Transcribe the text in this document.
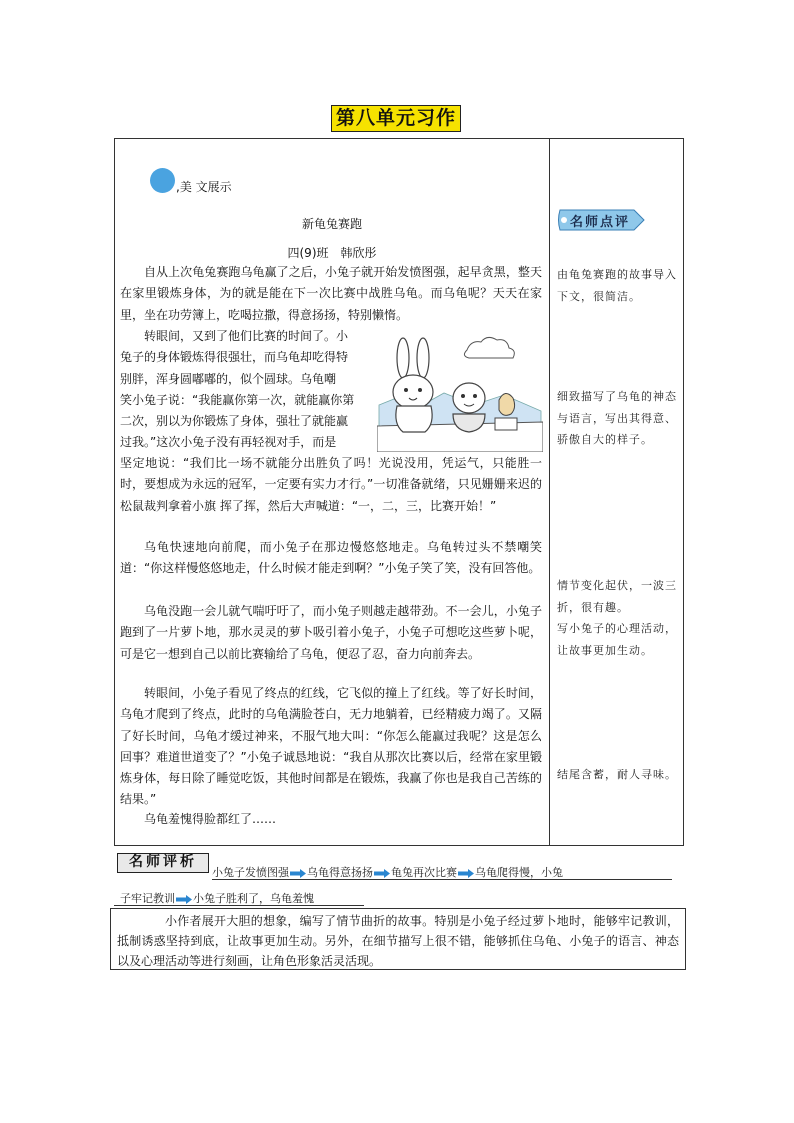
第八单元习作
,美 文展示
新龟兔赛跑
四(9)班　韩欣彤

自从上次龟兔赛跑乌龟赢了之后，小兔子就开始发愤图强，起早贪黑，整天在家里锻炼身体，为的就是能在下一次比赛中战胜乌龟。而乌龟呢？天天在家里，坐在功劳簿上，吃喝拉撒，得意扬扬，特别懒惰。

转眼间，又到了他们比赛的时间了。小
兔子的身体锻炼得很强壮，而乌龟却吃得特
别胖，浑身圆嘟嘟的，似个圆球。乌龟嘲
笑小兔子说：“我能赢你第一次，就能赢你第
二次，别以为你锻炼了身体，强壮了就能赢
过我。”这次小兔子没有再轻视对手，而是

坚定地说：“我们比一场不就能分出胜负了吗！光说没用，凭运气，只能胜一时，要想成为永远的冠军，一定要有实力才行。”一切准备就绪，只见姗姗来迟的松鼠裁判拿着小旗 挥了挥，然后大声喊道：“一，二，三，比赛开始！”

乌龟快速地向前爬，而小兔子在那边慢悠悠地走。乌龟转过头不禁嘲笑道：“你这样慢悠悠地走，什么时候才能走到啊？”小兔子笑了笑，没有回答他。

乌龟没跑一会儿就气喘吁吁了，而小兔子则越走越带劲。不一会儿，小兔子跑到了一片萝卜地，那水灵灵的萝卜吸引着小兔子，小兔子可想吃这些萝卜呢，可是它一想到自己以前比赛输给了乌龟，便忍了忍，奋力向前奔去。

转眼间，小兔子看见了终点的红线，它飞似的撞上了红线。等了好长时间，乌龟才爬到了终点，此时的乌龟满脸苍白，无力地躺着，已经精疲力竭了。又隔了好长时间，乌龟才缓过神来，不服气地大叫：“你怎么能赢过我呢？这是怎么回事？难道世道变了？”小兔子诚恳地说：“我自从那次比赛以后，经常在家里锻炼身体，每日除了睡觉吃饭，其他时间都是在锻炼，我赢了你也是我自己苦练的结果。”

乌龟羞愧得脸都红了……

名师点评

由龟兔赛跑的故事导入下文，很简洁。

细致描写了乌龟的神态与语言，写出其得意、骄傲自大的样子。

情节变化起伏，一波三折，很有趣。

写小兔子的心理活动，让故事更加生动。

结尾含蓄，耐人寻味。

名师评析
小兔子发愤图强 乌龟得意扬扬 龟兔再次比赛 乌龟爬得慢，小兔
子牢记教训 小兔子胜利了，乌龟羞愧
小作者展开大胆的想象，编写了情节曲折的故事。特别是小兔子经过萝卜地时，能够牢记教训，抵制诱惑坚持到底，让故事更加生动。另外，在细节描写上很不错，能够抓住乌龟、小兔子的语言、神态以及心理活动等进行刻画，让角色形象活灵活现。
